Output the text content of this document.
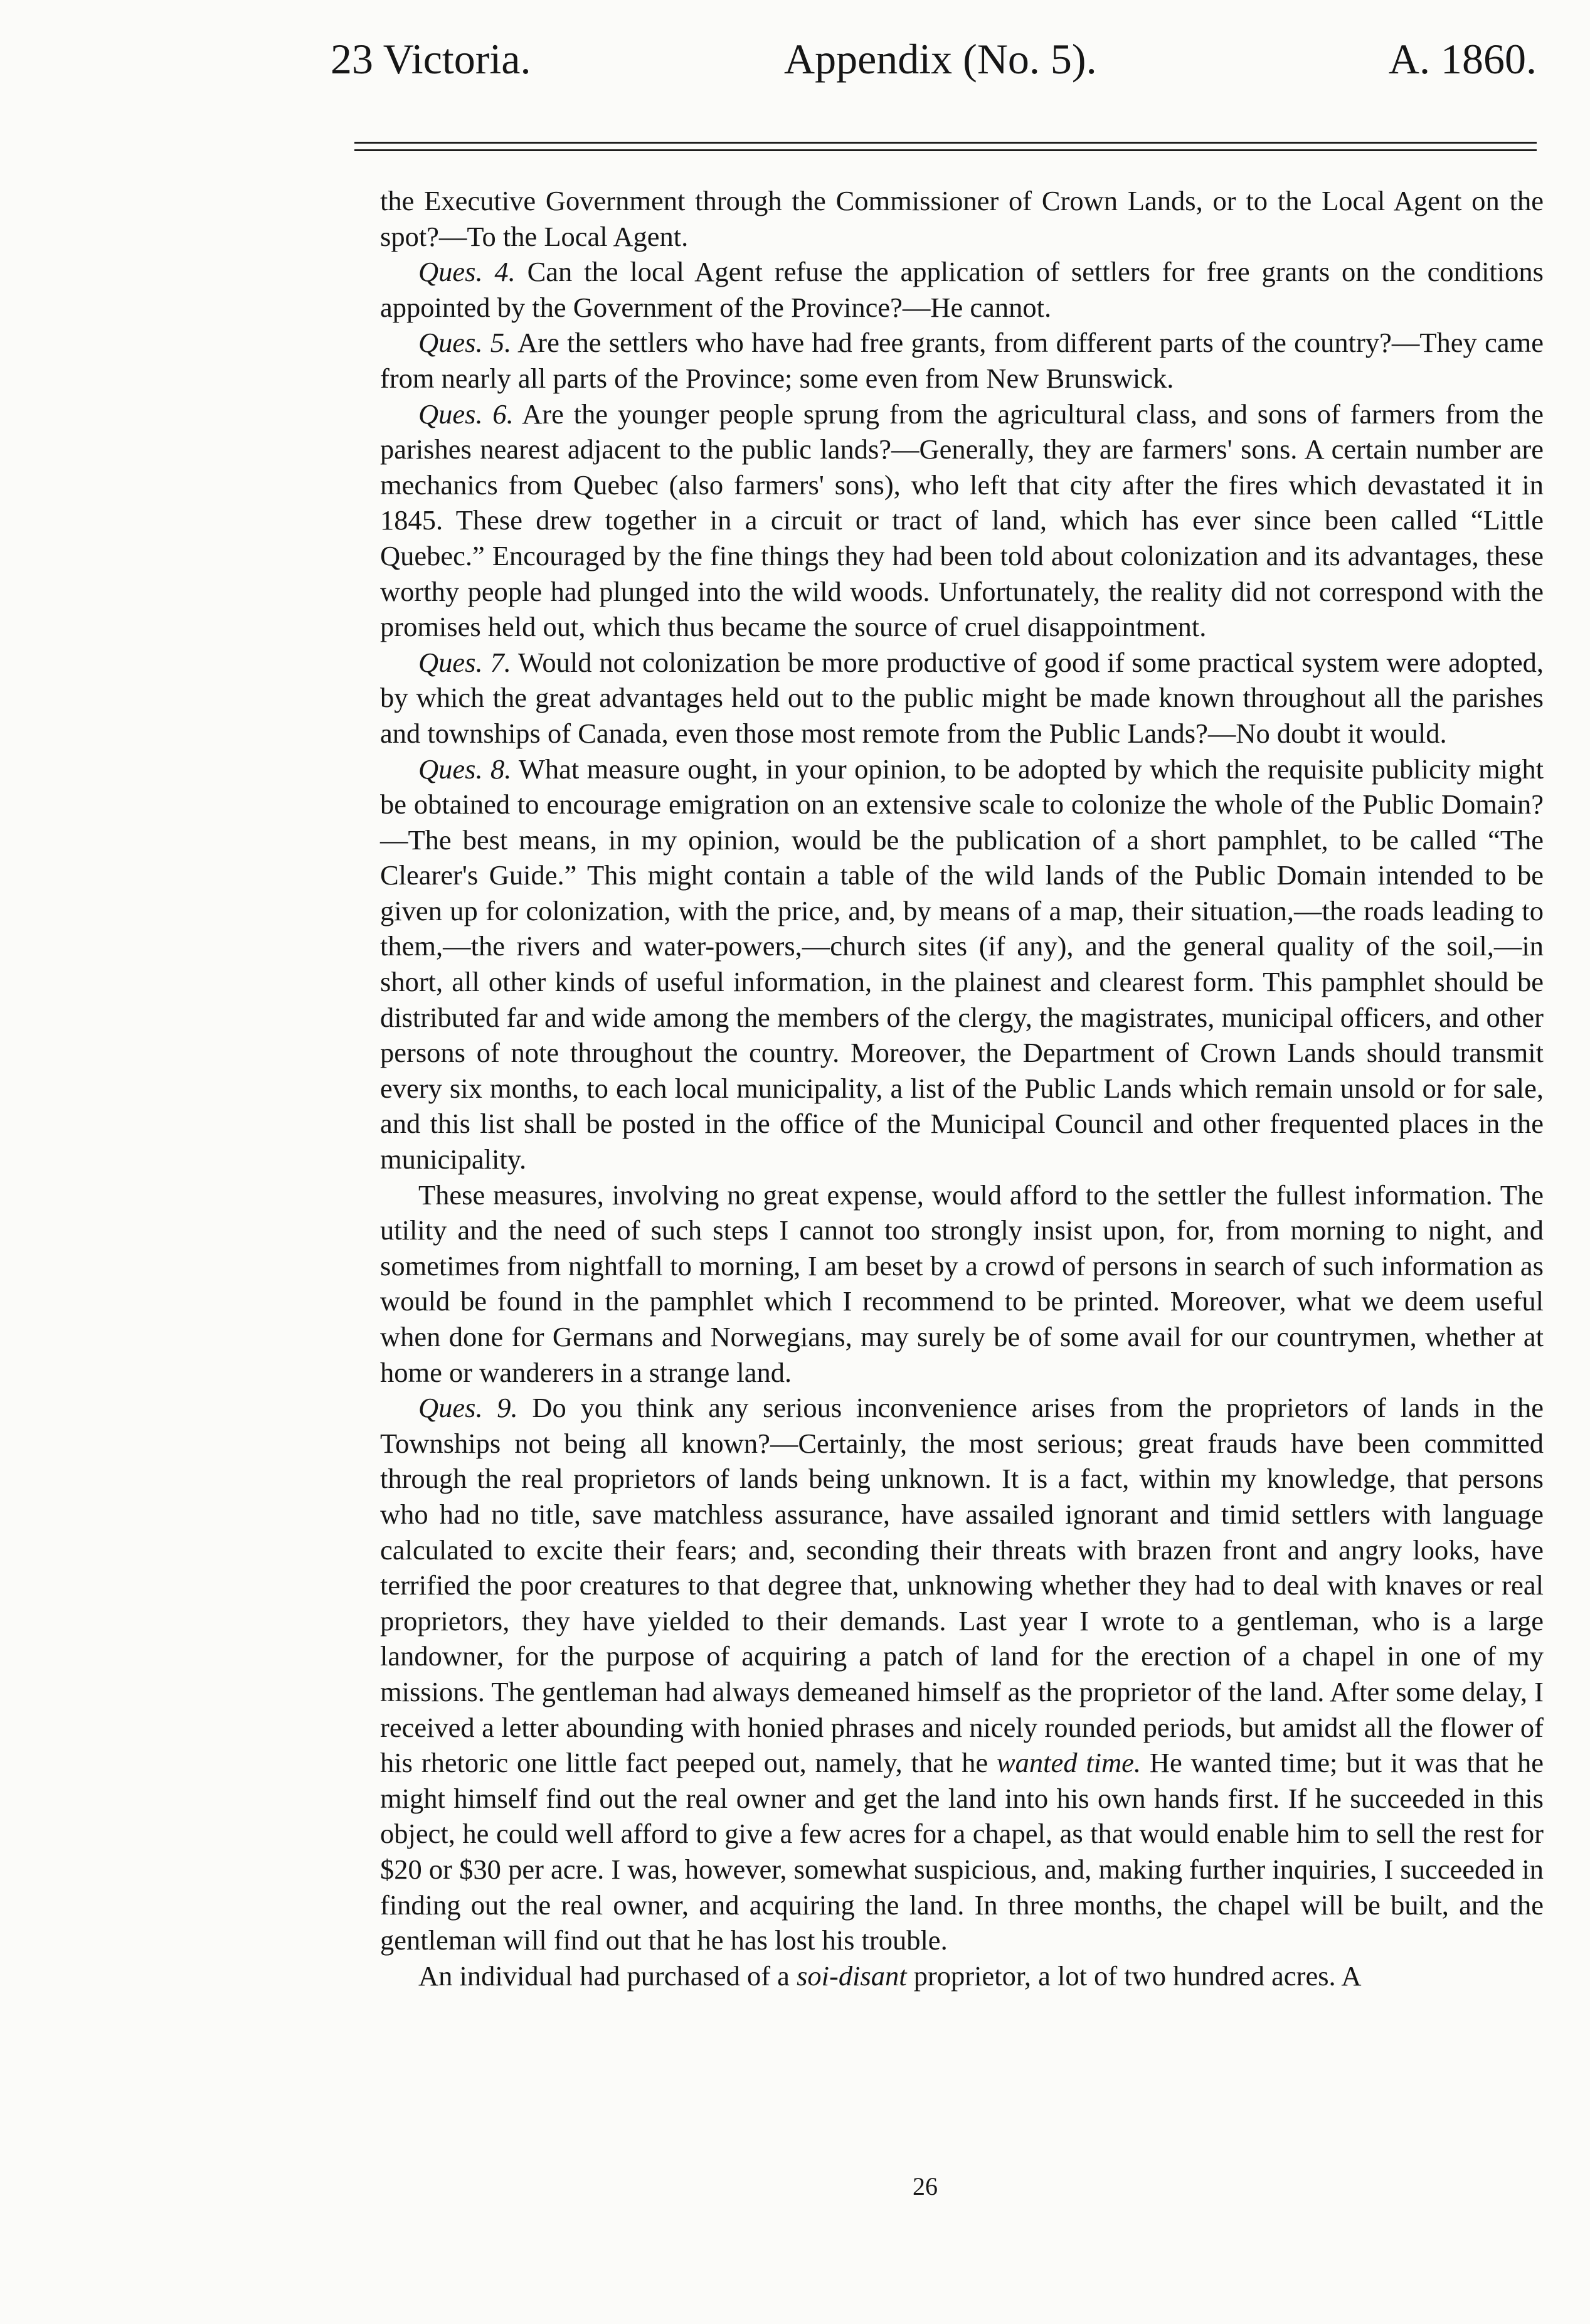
23 Victoria.	Appendix (No. 5).	A. 1860.

the Executive Government through the Commissioner of Crown Lands, or to the Local Agent on the spot?—To the Local Agent.

Ques. 4. Can the local Agent refuse the application of settlers for free grants on the conditions appointed by the Government of the Province?—He cannot.

Ques. 5. Are the settlers who have had free grants, from different parts of the country?—They came from nearly all parts of the Province; some even from New Brunswick.

Ques. 6. Are the younger people sprung from the agricultural class, and sons of farmers from the parishes nearest adjacent to the public lands?—Generally, they are farmers' sons. A certain number are mechanics from Quebec (also farmers' sons), who left that city after the fires which devastated it in 1845. These drew together in a circuit or tract of land, which has ever since been called “Little Quebec.” Encouraged by the fine things they had been told about colonization and its advantages, these worthy people had plunged into the wild woods. Unfortunately, the reality did not correspond with the promises held out, which thus became the source of cruel disappointment.

Ques. 7. Would not colonization be more productive of good if some practical system were adopted, by which the great advantages held out to the public might be made known throughout all the parishes and townships of Canada, even those most remote from the Public Lands?—No doubt it would.

Ques. 8. What measure ought, in your opinion, to be adopted by which the requisite publicity might be obtained to encourage emigration on an extensive scale to colonize the whole of the Public Domain?—The best means, in my opinion, would be the publication of a short pamphlet, to be called “The Clearer's Guide.” This might contain a table of the wild lands of the Public Domain intended to be given up for colonization, with the price, and, by means of a map, their situation,—the roads leading to them,—the rivers and water-powers,—church sites (if any), and the general quality of the soil,—in short, all other kinds of useful information, in the plainest and clearest form. This pamphlet should be distributed far and wide among the members of the clergy, the magistrates, municipal officers, and other persons of note throughout the country. Moreover, the Department of Crown Lands should transmit every six months, to each local municipality, a list of the Public Lands which remain unsold or for sale, and this list shall be posted in the office of the Municipal Council and other frequented places in the municipality.

These measures, involving no great expense, would afford to the settler the fullest information. The utility and the need of such steps I cannot too strongly insist upon, for, from morning to night, and sometimes from nightfall to morning, I am beset by a crowd of persons in search of such information as would be found in the pamphlet which I recommend to be printed. Moreover, what we deem useful when done for Germans and Norwegians, may surely be of some avail for our countrymen, whether at home or wanderers in a strange land.

Ques. 9. Do you think any serious inconvenience arises from the proprietors of lands in the Townships not being all known?—Certainly, the most serious; great frauds have been committed through the real proprietors of lands being unknown. It is a fact, within my knowledge, that persons who had no title, save matchless assurance, have assailed ignorant and timid settlers with language calculated to excite their fears; and, seconding their threats with brazen front and angry looks, have terrified the poor creatures to that degree that, unknowing whether they had to deal with knaves or real proprietors, they have yielded to their demands. Last year I wrote to a gentleman, who is a large landowner, for the purpose of acquiring a patch of land for the erection of a chapel in one of my missions. The gentleman had always demeaned himself as the proprietor of the land. After some delay, I received a letter abounding with honied phrases and nicely rounded periods, but amidst all the flower of his rhetoric one little fact peeped out, namely, that he wanted time. He wanted time; but it was that he might himself find out the real owner and get the land into his own hands first. If he succeeded in this object, he could well afford to give a few acres for a chapel, as that would enable him to sell the rest for $20 or $30 per acre. I was, however, somewhat suspicious, and, making further inquiries, I succeeded in finding out the real owner, and acquiring the land. In three months, the chapel will be built, and the gentleman will find out that he has lost his trouble.

An individual had purchased of a soi-disant proprietor, a lot of two hundred acres. A

26
